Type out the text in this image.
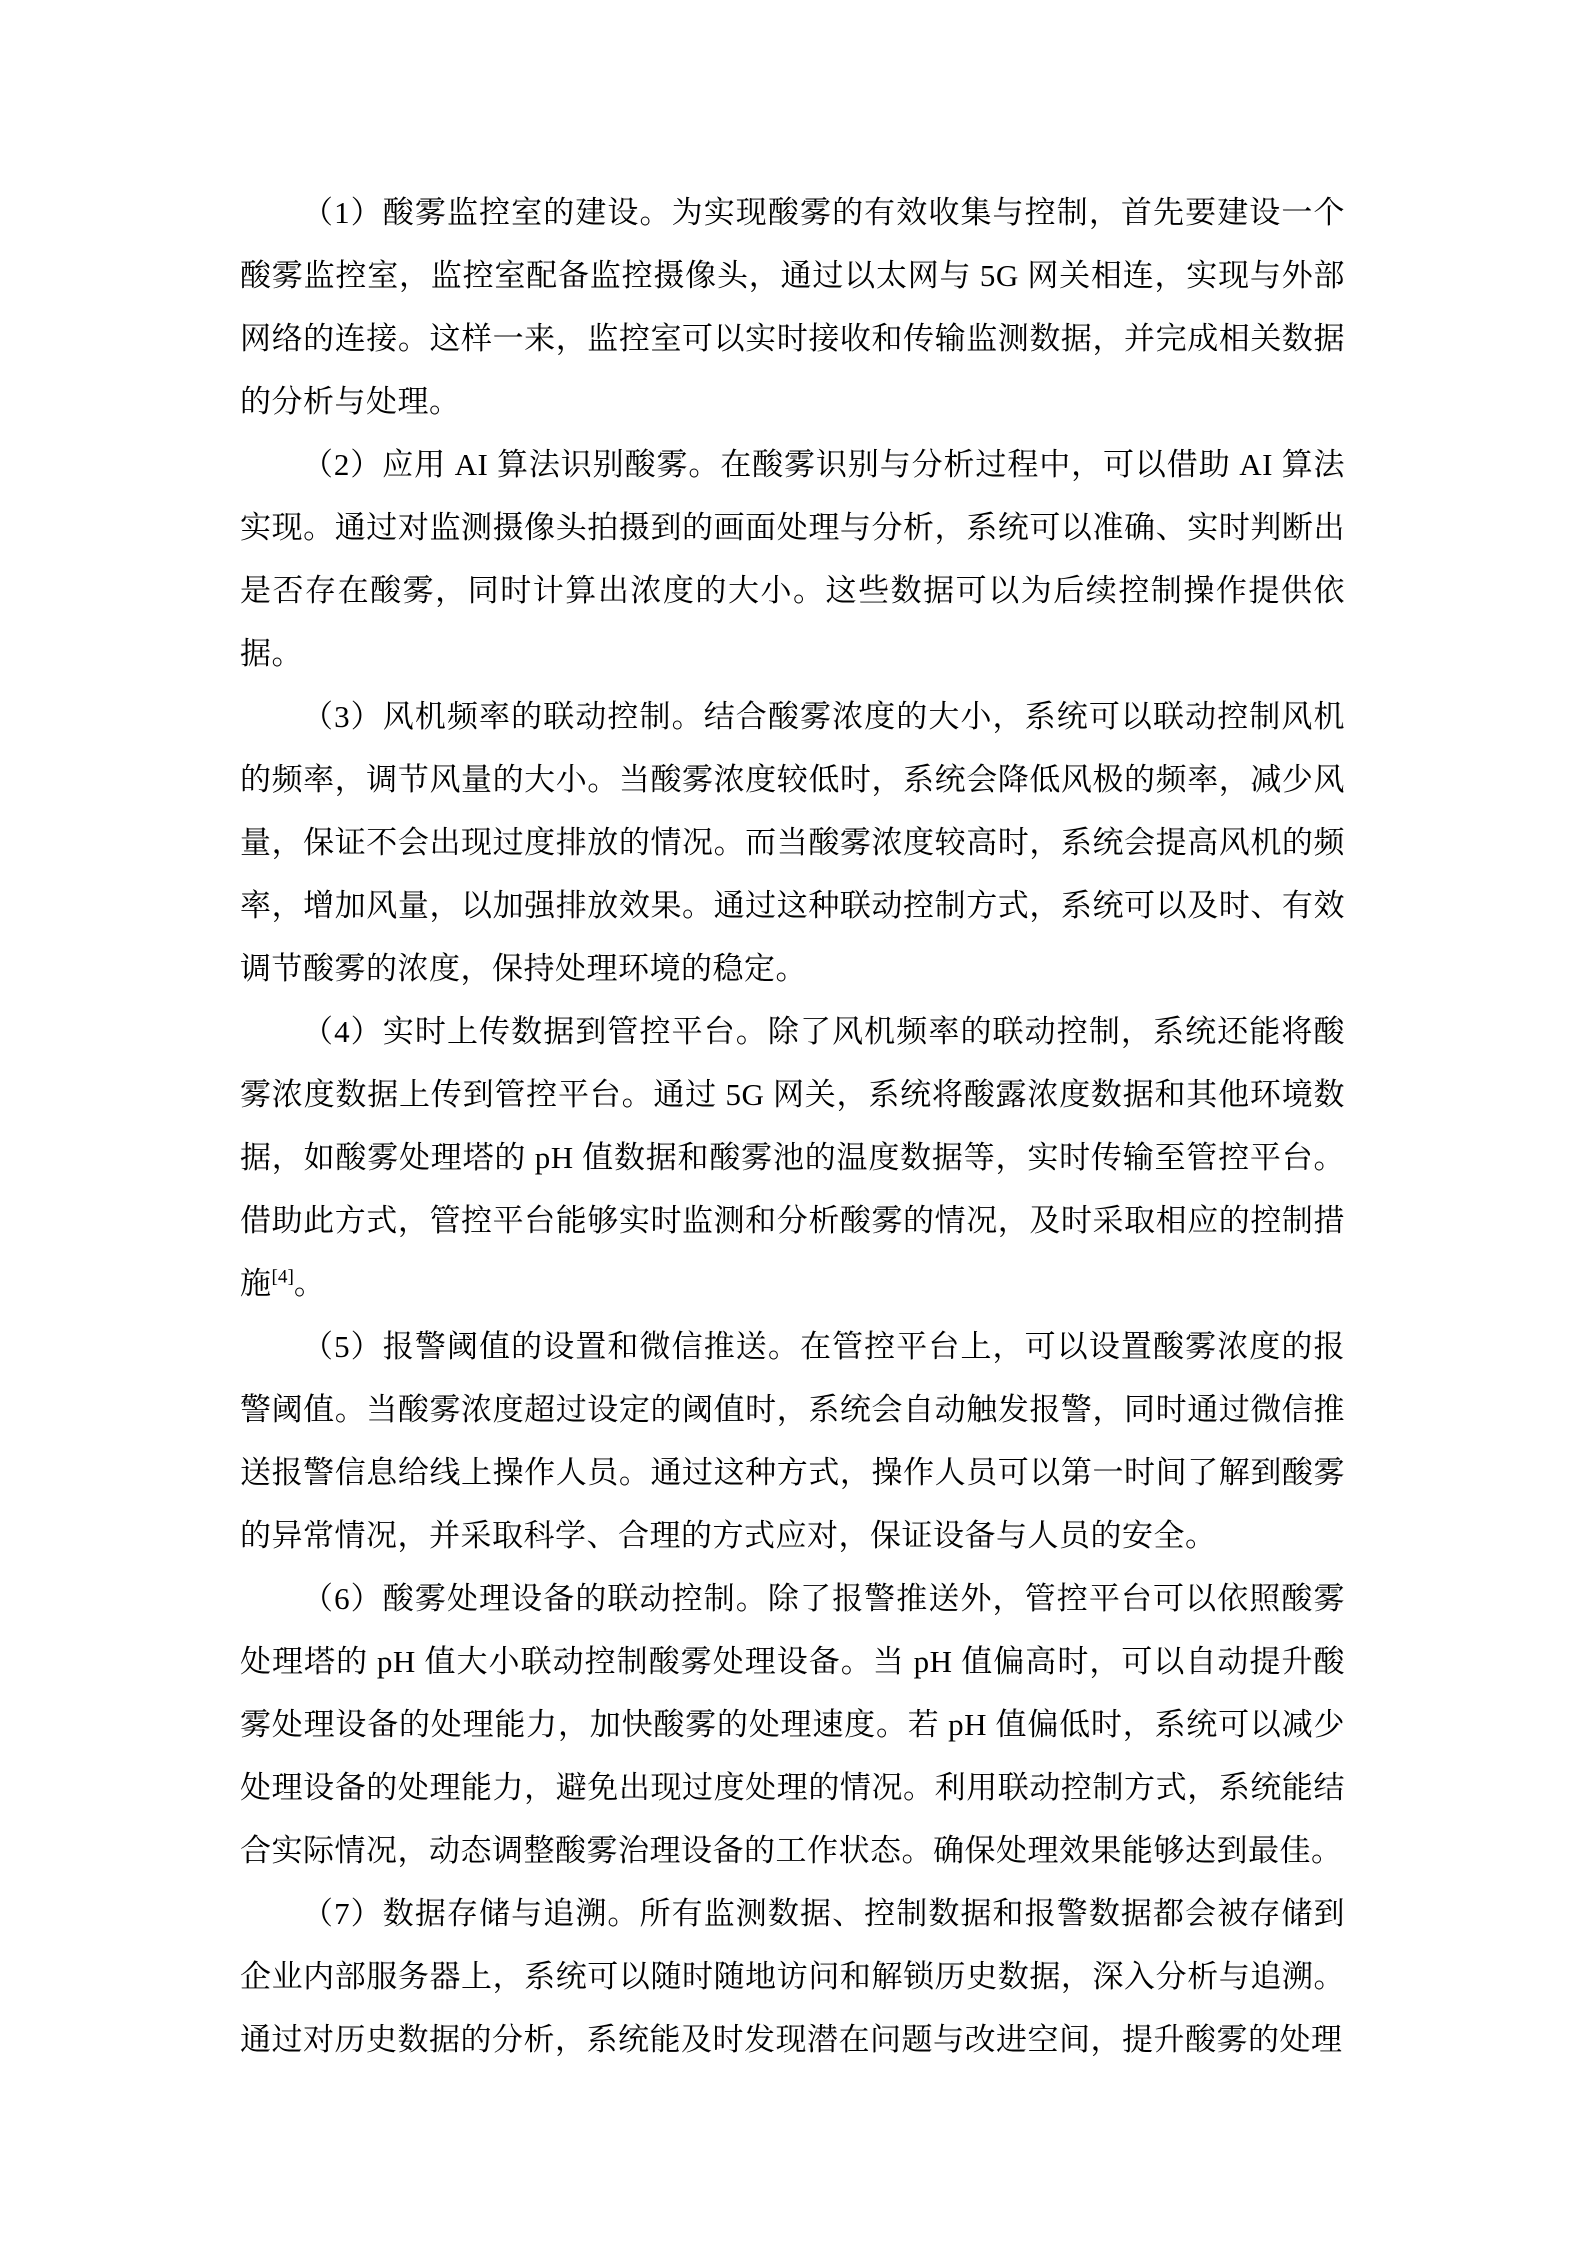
（1）酸雾监控室的建设。为实现酸雾的有效收集与控制，首先要建设一个酸雾监控室，监控室配备监控摄像头，通过以太网与 5G 网关相连，实现与外部网络的连接。这样一来，监控室可以实时接收和传输监测数据，并完成相关数据的分析与处理。

（2）应用 AI 算法识别酸雾。在酸雾识别与分析过程中，可以借助 AI 算法实现。通过对监测摄像头拍摄到的画面处理与分析，系统可以准确、实时判断出是否存在酸雾，同时计算出浓度的大小。这些数据可以为后续控制操作提供依据。

（3）风机频率的联动控制。结合酸雾浓度的大小，系统可以联动控制风机的频率，调节风量的大小。当酸雾浓度较低时，系统会降低风极的频率，减少风量，保证不会出现过度排放的情况。而当酸雾浓度较高时，系统会提高风机的频率，增加风量，以加强排放效果。通过这种联动控制方式，系统可以及时、有效调节酸雾的浓度，保持处理环境的稳定。

（4）实时上传数据到管控平台。除了风机频率的联动控制，系统还能将酸雾浓度数据上传到管控平台。通过 5G 网关，系统将酸露浓度数据和其他环境数据，如酸雾处理塔的 pH 值数据和酸雾池的温度数据等，实时传输至管控平台。借助此方式，管控平台能够实时监测和分析酸雾的情况，及时采取相应的控制措施[4]。

（5）报警阈值的设置和微信推送。在管控平台上，可以设置酸雾浓度的报警阈值。当酸雾浓度超过设定的阈值时，系统会自动触发报警，同时通过微信推送报警信息给线上操作人员。通过这种方式，操作人员可以第一时间了解到酸雾的异常情况，并采取科学、合理的方式应对，保证设备与人员的安全。

（6）酸雾处理设备的联动控制。除了报警推送外，管控平台可以依照酸雾处理塔的 pH 值大小联动控制酸雾处理设备。当 pH 值偏高时，可以自动提升酸雾处理设备的处理能力，加快酸雾的处理速度。若 pH 值偏低时，系统可以减少处理设备的处理能力，避免出现过度处理的情况。利用联动控制方式，系统能结合实际情况，动态调整酸雾治理设备的工作状态。确保处理效果能够达到最佳。

（7）数据存储与追溯。所有监测数据、控制数据和报警数据都会被存储到企业内部服务器上，系统可以随时随地访问和解锁历史数据，深入分析与追溯。通过对历史数据的分析，系统能及时发现潜在问题与改进空间，提升酸雾的处理
